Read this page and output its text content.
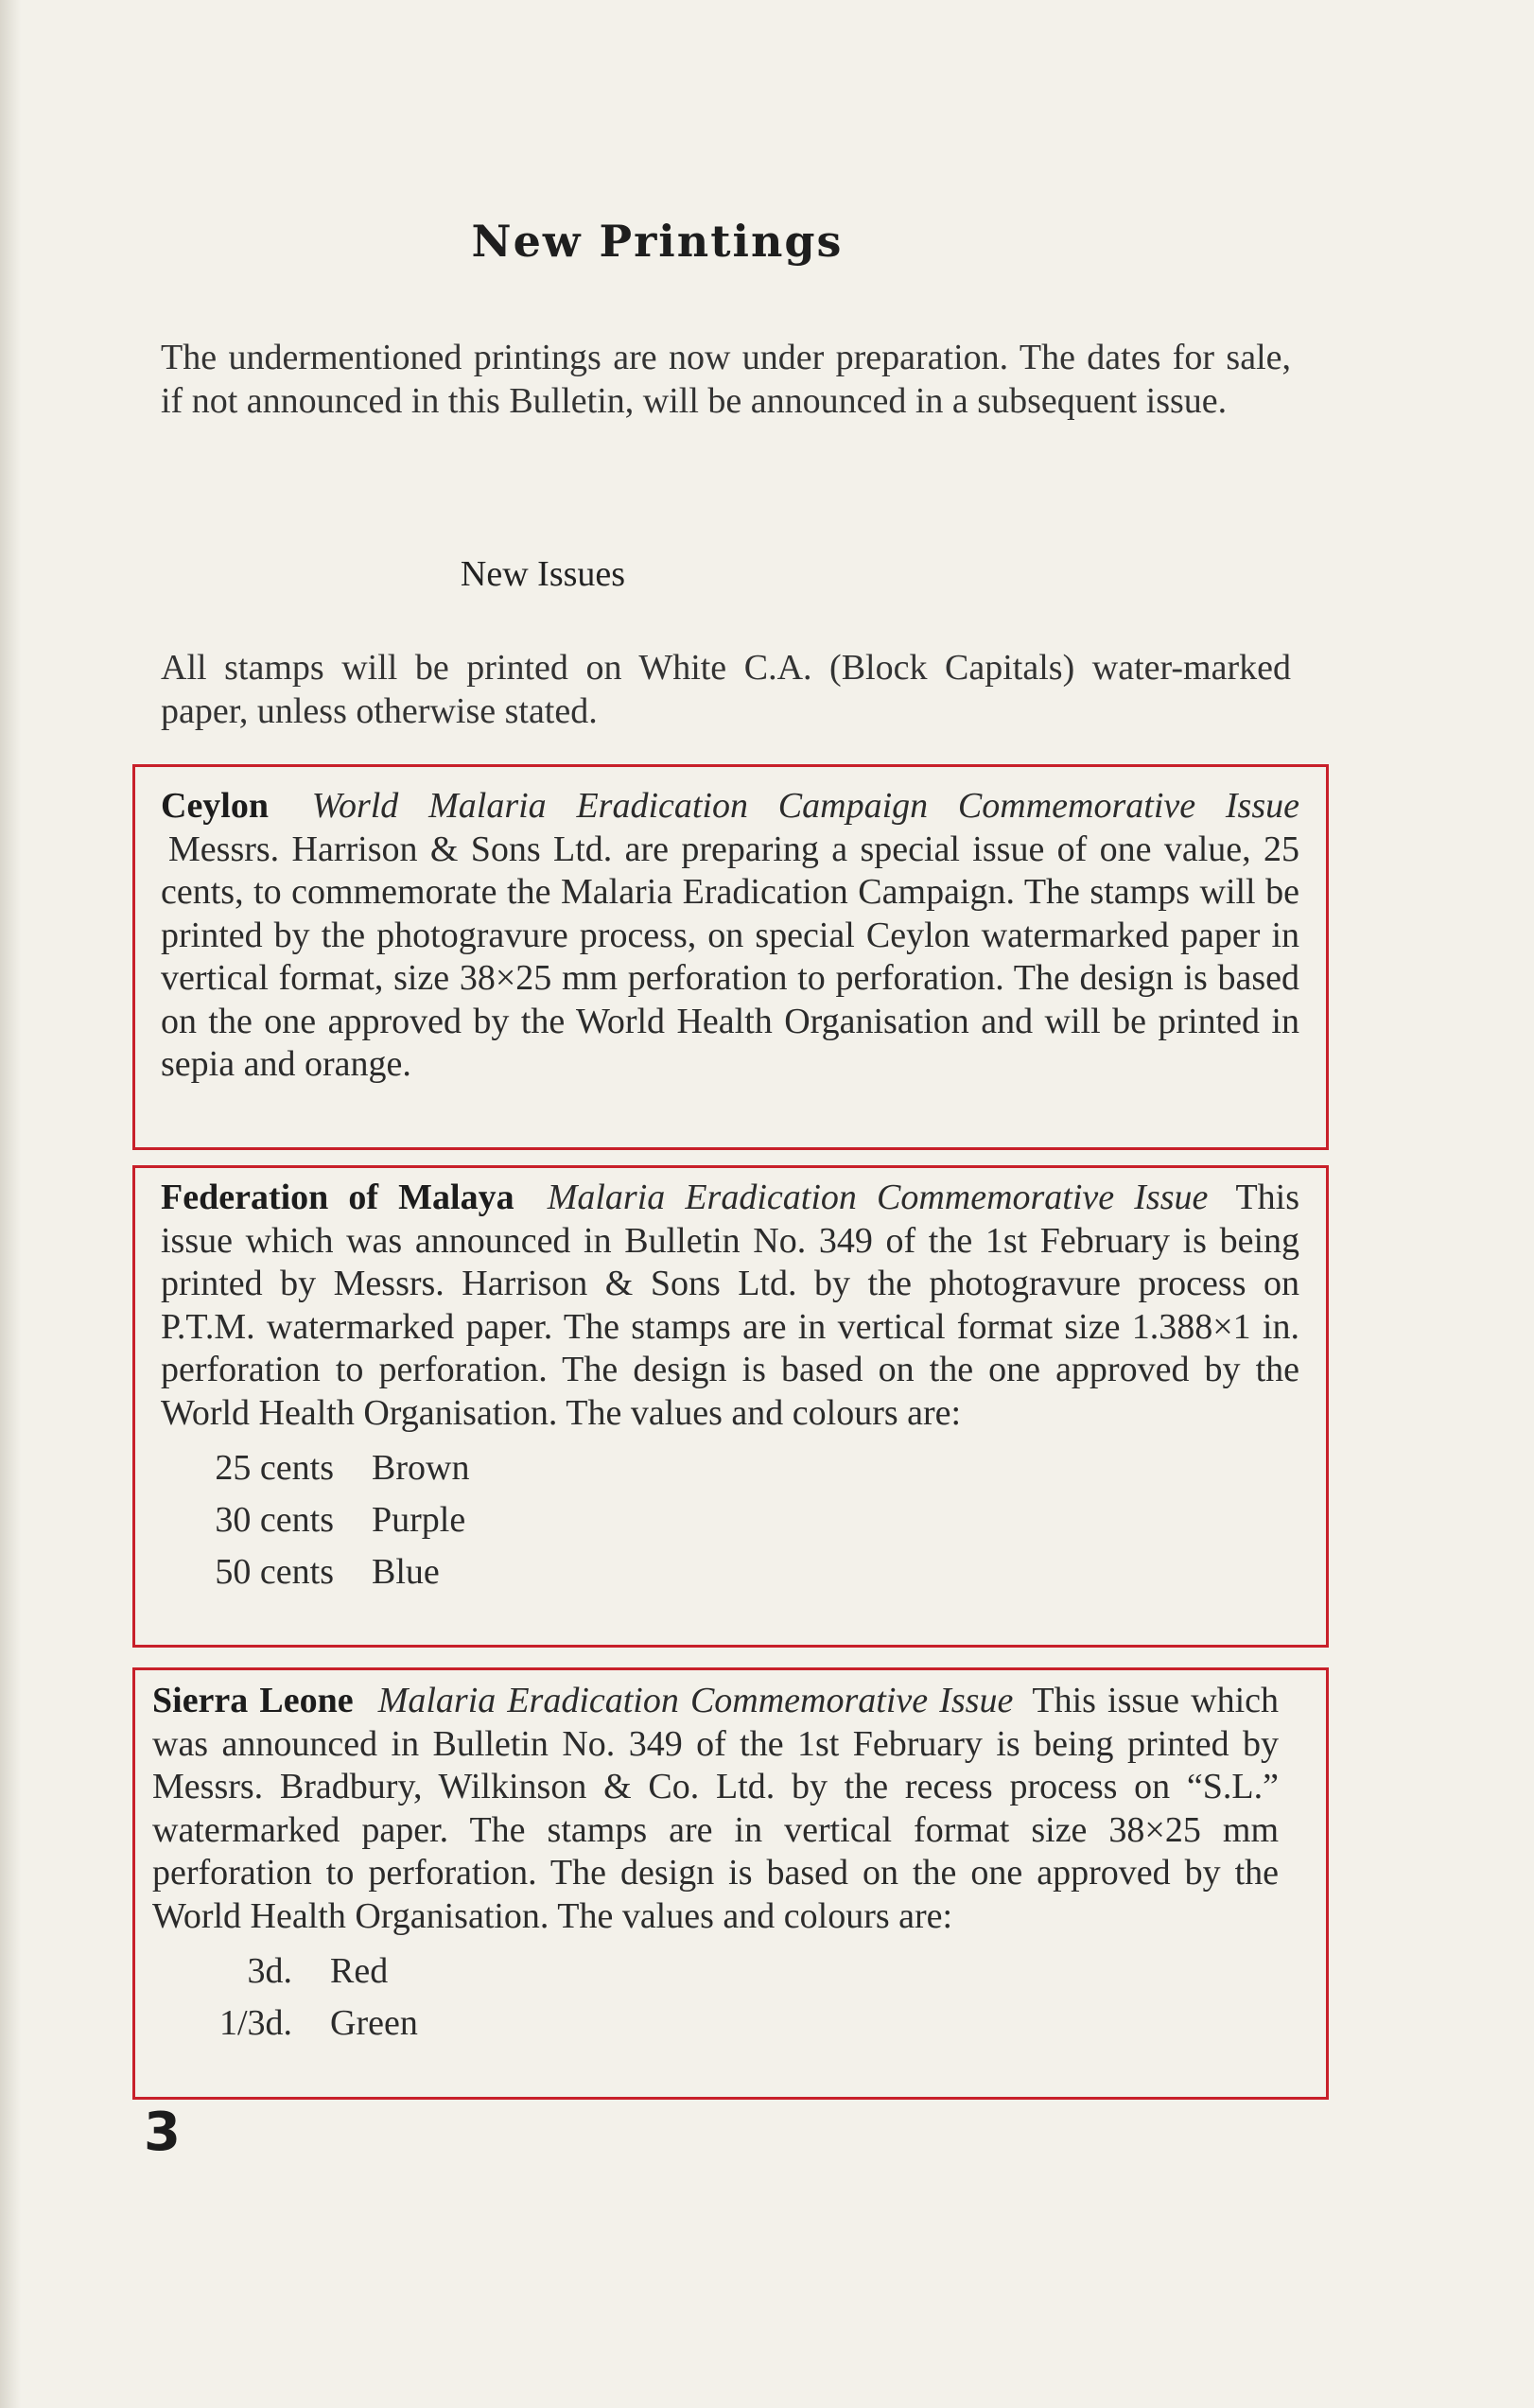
New Printings

The undermentioned printings are now under preparation. The dates for sale, if not announced in this Bulletin, will be announced in a subsequent issue.

New Issues

All stamps will be printed on White C.A. (Block Capitals) water-marked paper, unless otherwise stated.

Ceylon World Malaria Eradication Campaign Commemorative Issue Messrs. Harrison & Sons Ltd. are preparing a special issue of one value, 25 cents, to commemorate the Malaria Eradication Campaign. The stamps will be printed by the photogravure process, on special Ceylon watermarked paper in vertical format, size 38×25 mm perforation to perforation. The design is based on the one approved by the World Health Organisation and will be printed in sepia and orange.
Federation of Malaya Malaria Eradication Commemorative Issue This issue which was announced in Bulletin No. 349 of the 1st February is being printed by Messrs. Harrison & Sons Ltd. by the photogravure process on P.T.M. watermarked paper. The stamps are in vertical format size 1.388×1 in. perforation to perforation. The design is based on the one approved by the World Health Organisation. The values and colours are:
25 cents Brown
30 cents Purple
50 cents Blue
Sierra Leone Malaria Eradication Commemorative Issue This issue which was announced in Bulletin No. 349 of the 1st February is being printed by Messrs. Bradbury, Wilkinson & Co. Ltd. by the recess process on “S.L.” watermarked paper. The stamps are in vertical format size 38×25 mm perforation to perforation. The design is based on the one approved by the World Health Organisation. The values and colours are:
3d. Red
1/3d. Green
3
